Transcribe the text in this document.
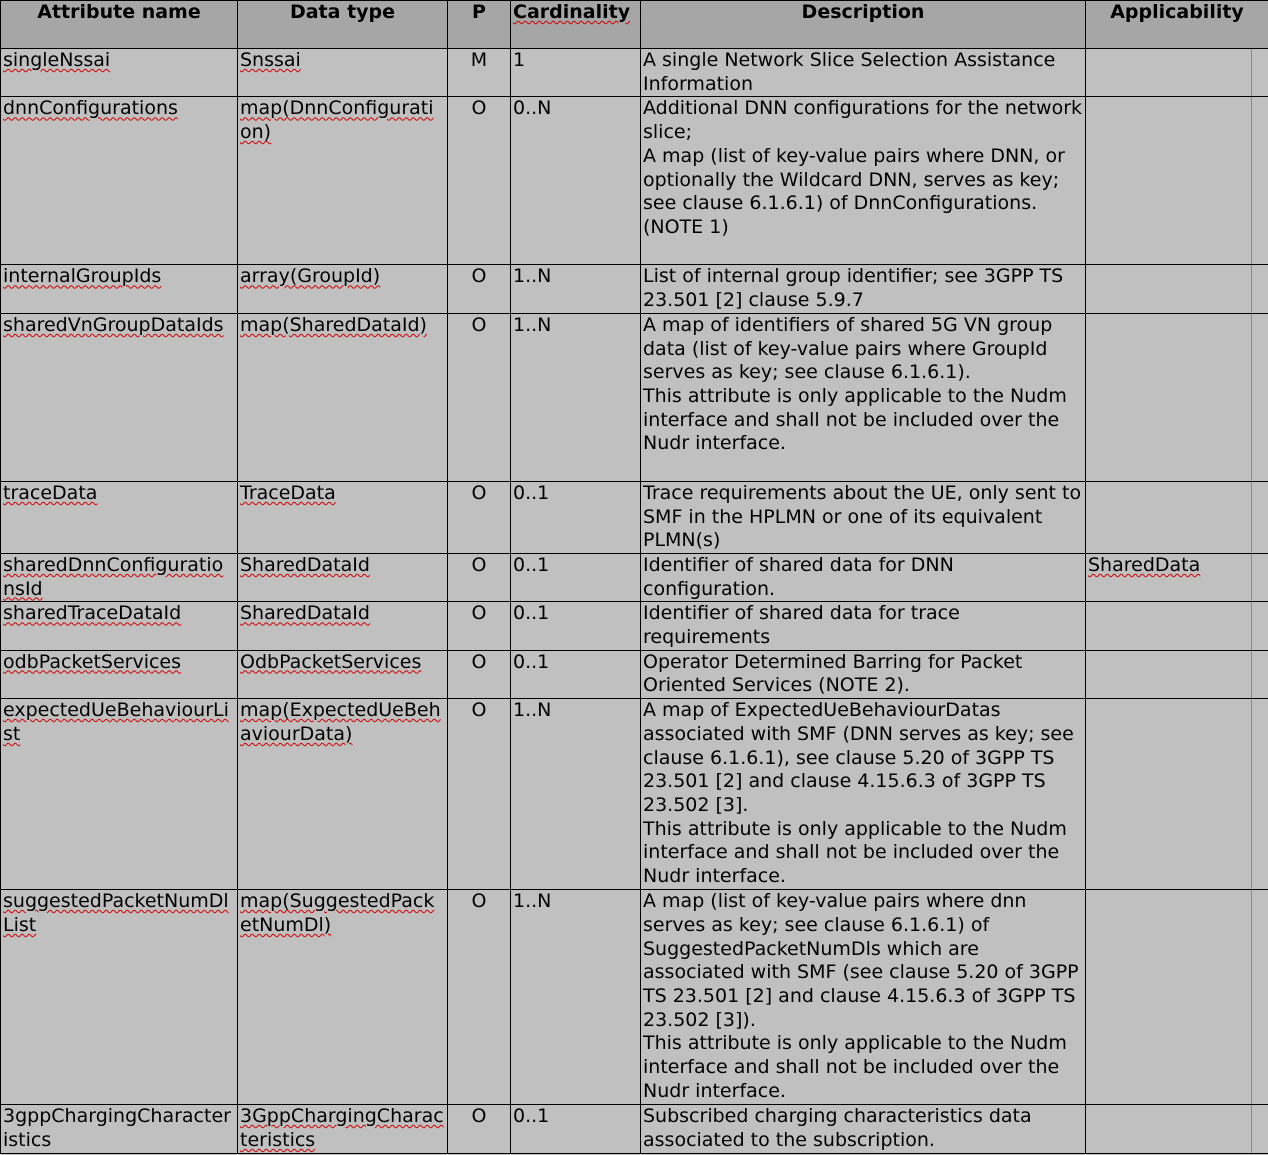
Attribute name	Data type	P	Cardinality	Description	Applicability
singleNssai	Snssai	M	1	A single Network Slice Selection Assistance Information	

dnnConfigurations	map(DnnConfiguration)	O	0..N	Additional DNN configurations for the network slice;
A map (list of key-value pairs where DNN, or optionally the Wildcard DNN, serves as key; see clause 6.1.6.1) of DnnConfigurations.
(NOTE 1)	

internalGroupIds	array(GroupId)	O	1..N	List of internal group identifier; see 3GPP TS 23.501 [2] clause 5.9.7	

sharedVnGroupDataIds	map(SharedDataId)	O	1..N	A map of identifiers of shared 5G VN group data (list of key-value pairs where GroupId serves as key; see clause 6.1.6.1).
This attribute is only applicable to the Nudm interface and shall not be included over the Nudr interface.	

traceData	TraceData	O	0..1	Trace requirements about the UE, only sent to SMF in the HPLMN or one of its equivalent PLMN(s)	

sharedDnnConfigurationsId	SharedDataId	O	0..1	Identifier of shared data for DNN configuration.	SharedData
sharedTraceDataId	SharedDataId	O	0..1	Identifier of shared data for trace requirements	

odbPacketServices	OdbPacketServices	O	0..1	Operator Determined Barring for Packet Oriented Services (NOTE 2).	

expectedUeBehaviourList	map(ExpectedUeBehaviourData)	O	1..N	A map of ExpectedUeBehaviourDatas associated with SMF (DNN serves as key; see clause 6.1.6.1), see clause 5.20 of 3GPP TS 23.501 [2] and clause 4.15.6.3 of 3GPP TS 23.502 [3].
This attribute is only applicable to the Nudm interface and shall not be included over the Nudr interface.	

suggestedPacketNumDlList	map(SuggestedPacketNumDl)	O	1..N	A map (list of key-value pairs where dnn serves as key; see clause 6.1.6.1) of SuggestedPacketNumDls which are associated with SMF (see clause 5.20 of 3GPP TS 23.501 [2] and clause 4.15.6.3 of 3GPP TS 23.502 [3]).
This attribute is only applicable to the Nudm interface and shall not be included over the Nudr interface.	

3gppChargingCharacteristics	3GppChargingCharacteristics	O	0..1	Subscribed charging characteristics data associated to the subscription.	
